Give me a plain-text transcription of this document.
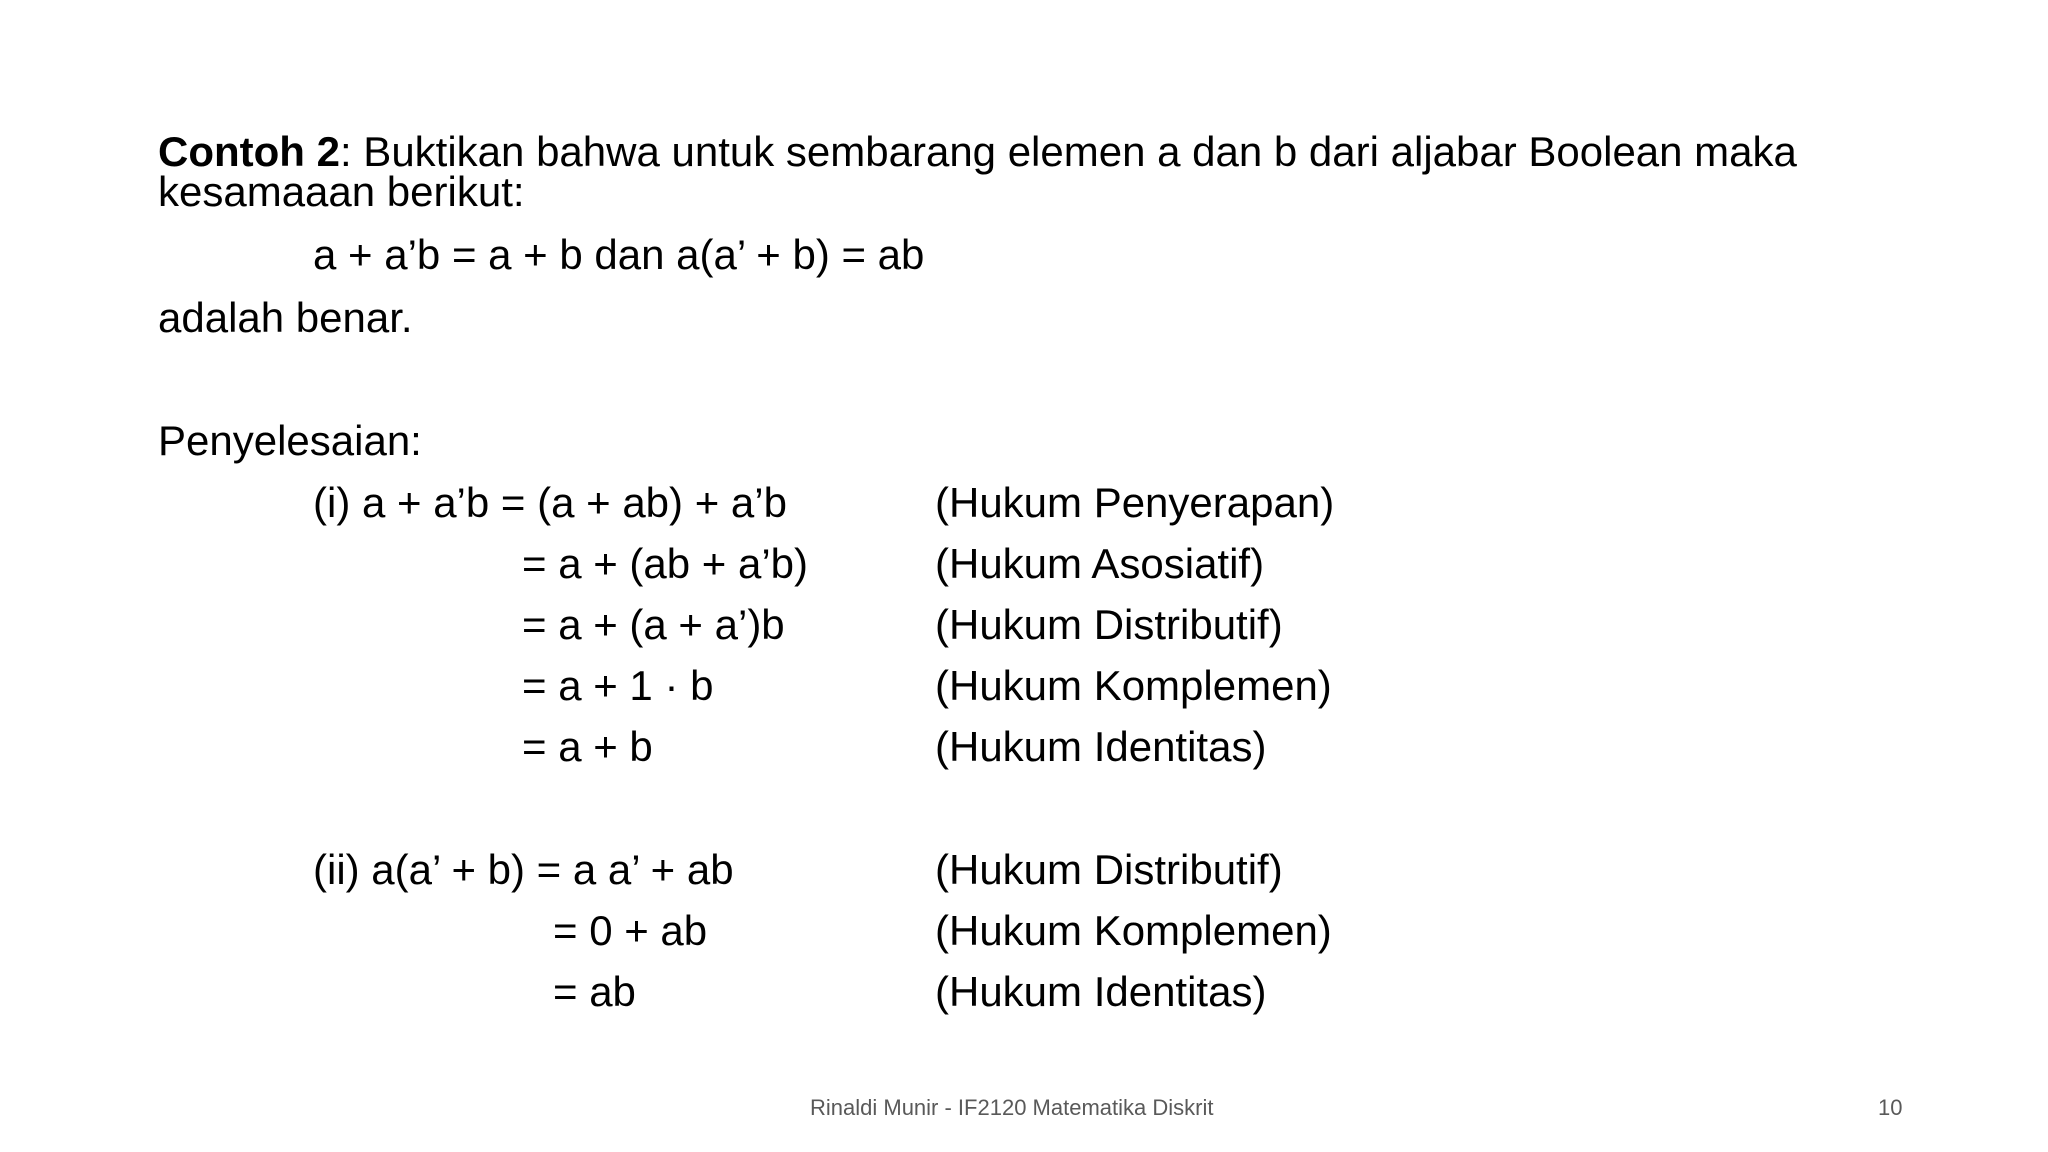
Contoh 2: Buktikan bahwa untuk sembarang elemen a dan b dari aljabar Boolean maka
kesamaaan berikut:
a + a’b = a + b dan a(a’ + b) = ab
adalah benar.
Penyelesaian:
(i) a + a’b = (a + ab) + a’b	(Hukum Penyerapan)
= a + (ab + a’b)	(Hukum Asosiatif)
= a + (a + a’)b	(Hukum Distributif)
= a + 1 · b	(Hukum Komplemen)
= a + b	(Hukum Identitas)
(ii) a(a’ + b) = a a’ + ab	(Hukum Distributif)
= 0 + ab	(Hukum Komplemen)
= ab	(Hukum Identitas)
Rinaldi Munir - IF2120 Matematika Diskrit	10
